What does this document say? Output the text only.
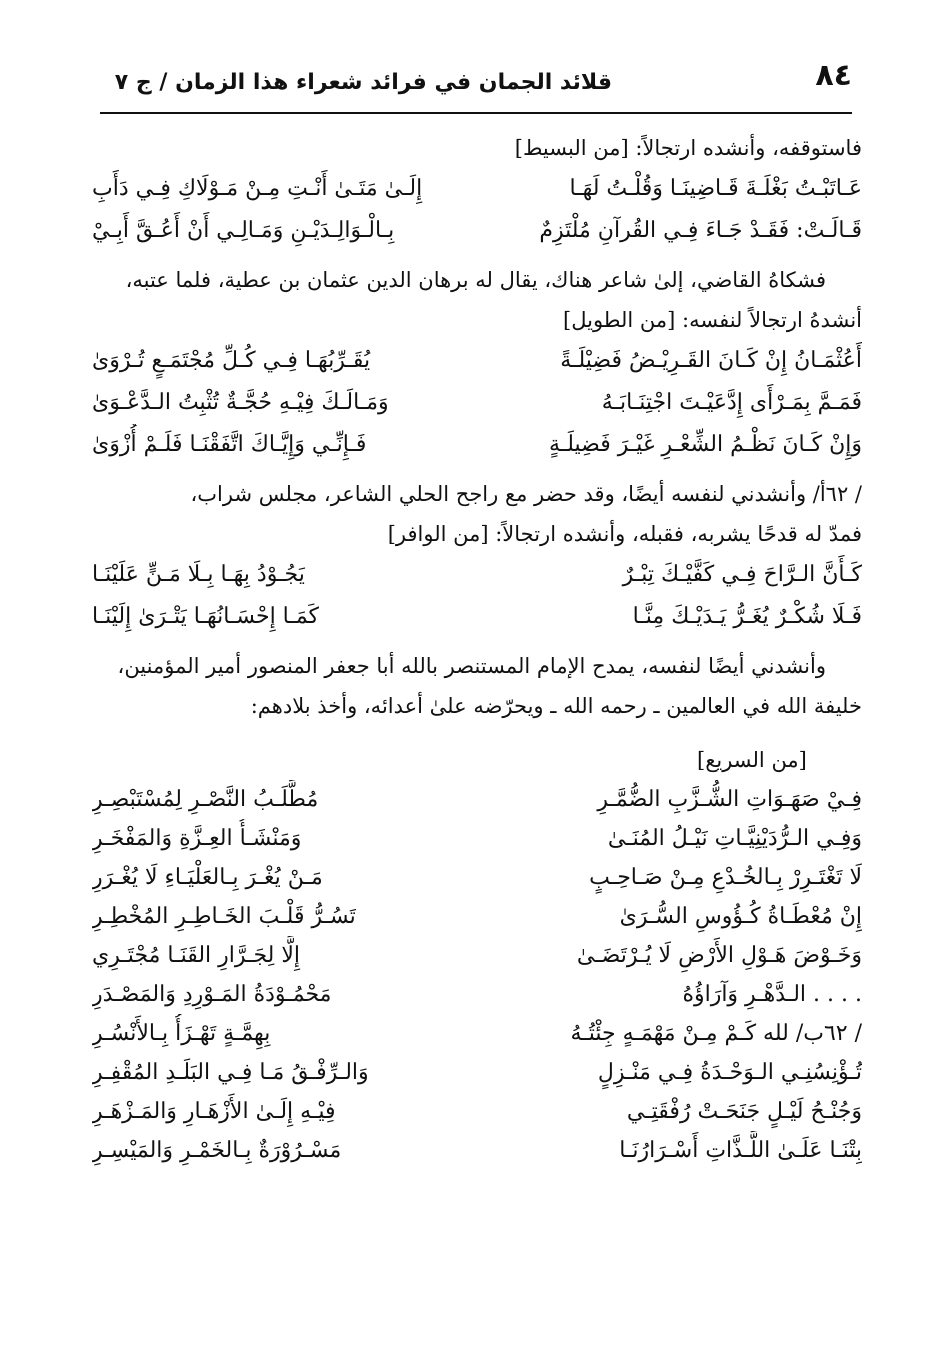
٨٤
قلائد الجمان في فرائد شعراء هذا الزمان / ج ٧
فاستوقفه، وأنشده ارتجالاً: [من البسيط]
عَـاتَبْـتُ بَغْلَـةَ قَـاضِينَـا وَقُلْـتُ لَهَـا
إِلَـىٰ مَتَـىٰ أَنْـتِ مِـنْ مَـوْلَاكِ فِـي دَأَبِ
قَـالَـتْ: فَقَـدْ جَـاءَ فِـي القُرآنِ مُلْتَزِمٌ
بِـالْـوَالِـدَيْـنِ وَمَـالِـي أَنْ أَعُـقَّ أَبِـيْ
فشكاهُ القاضي، إلىٰ شاعر هناك، يقال له برهان الدين عثمان بن عطية، فلما عتبه،
أنشدهُ ارتجالاً لنفسه: [من الطويل]
أَعُثْمَـانُ إِنْ كَـانَ القَـرِيْـضُ فَضِيْلَـةً
يُقَـرِّبُهَـا فِـي كُـلِّ مُجْتَمَـعٍ تُـرْوَىٰ
فَمَـمَّ بِمَـرْأَى إِدَّعَيْـتَ اجْتِنَـابَـهُ
وَمَـالَـكَ فِيْـهِ حُجَّـةٌ تُثْبِتُ الـدَّعْـوَىٰ
وَإِنْ كَـانَ نَظْـمُ الشِّعْـرِ غَيْـرَ فَضِيلَـةٍ
فَـإِنِّـي وَإِيَّـاكَ اتَّفَقْنَـا فَلَـمْ أُزْوَىٰ
/ ٦٢أ/ وأنشدني لنفسه أيضًا، وقد حضر مع راجح الحلي الشاعر، مجلس شراب،
فمدّ له قدحًا يشربه، فقبله، وأنشده ارتجالاً: [من الوافر]
كَـأَنَّ الـرَّاحَ فِـي كَفَّيْـكَ تِبْـرٌ
يَجُـوْدُ بِهَـا بِـلَا مَـنٍّ عَلَيْنَـا
فَـلَا شُكْـرٌ يُغَـرُّ يَـدَيْـكَ مِنَّـا
كَمَـا إِحْسَـانُهَـا يَتْـرَىٰ إِلَيْنَـا
وأنشدني أيضًا لنفسه، يمدح الإمام المستنصر بالله أبا جعفر المنصور أمير المؤمنين،
خليفة الله في العالمين ـ رحمه الله ـ ويحرّضه علىٰ أعدائه، وأخذ بلادهم:
[من السريع]
فِـيْ صَهَـوَاتِ الشُّـزَّبِ الضُّمَّـرِ
مُطَّلَـبُ النَّصْـرِ لِمُسْتَبْصِـرِ
وَفِـي الـرُّدَيْنِيَّـاتِ نَيْـلُ المُنَـىٰ
وَمَنْشَـأُ العِـزَّةِ وَالمَفْخَـرِ
لَا تَغْتَـرِرْ بِـالخُـدْعِ مِـنْ صَـاحِـبٍ
مَـنْ يُغْـرَ بِـالعَلْيَـاءِ لَا يُغْـرَرِ
إِنْ مُعْطَـاةُ كُـؤُوسِ السُّـرَىٰ
تَسُـرُّ قَلْـبَ الخَـاطِـرِ المُخْطِـرِ
وَخَـوْضَ هَـوْلِ الأَرْضِ لَا يُـرْتَضَـىٰ
إِلَّا لِجَـرَّارِ القَنَـا مُجْتَـرِي
. . . . الـدَّهْـرِ وَآرَاؤُهُ
مَحْمُـوْدَةُ المَـوْرِدِ وَالمَصْـدَرِ
/ ٦٢ب/ لله كَـمْ مِـنْ مَهْمَـهٍ جِئْتُـهُ
بِهِمَّـةٍ تَهْـزَأُ بِـالأَنْسُـرِ
تُـؤْنِسُنِـي الـوَحْـدَةُ فِـي مَنْـزِلٍ
وَالـرِّفْـقُ مَـا فِـي البَلَـدِ المُقْفِـرِ
وَجُنْـحُ لَيْـلٍ جَنَحَـتْ رُفْقَتِـي
فِيْـهِ إِلَـىٰ الأَزْهَـارِ وَالمَـزْهَـرِ
بِتْنَـا عَلَـىٰ اللَّـذَّاتِ أَسْـرَارُنَـا
مَسْـرُوْرَةٌ بِـالخَمْـرِ وَالمَيْسِـرِ
